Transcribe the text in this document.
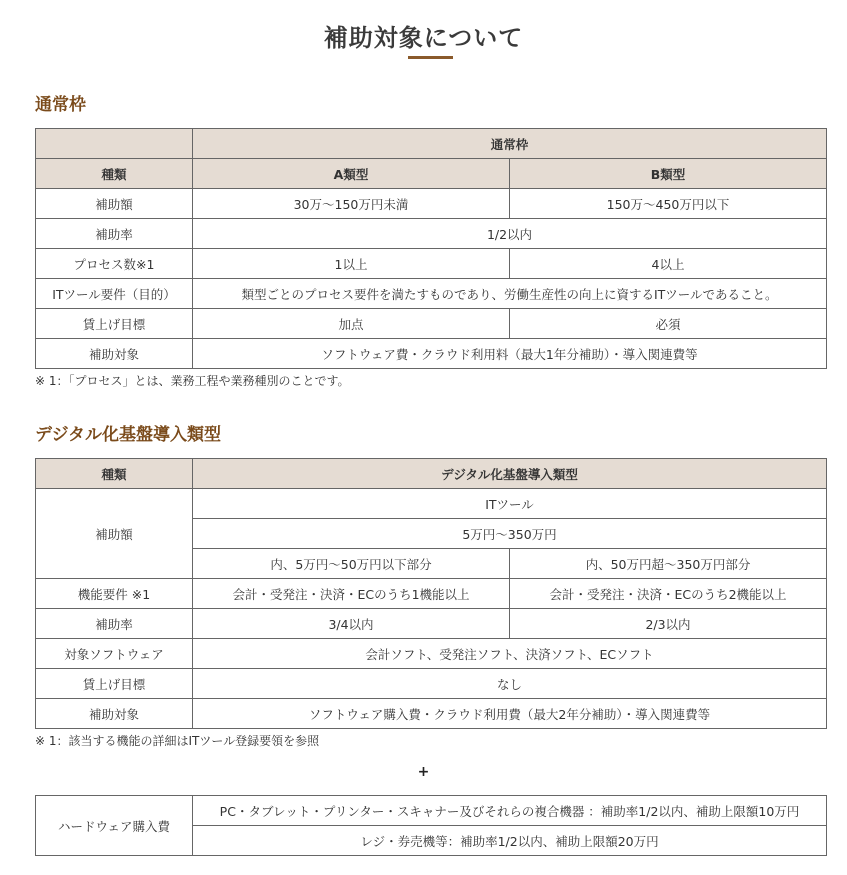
補助対象について
通常枠
	通常枠	
種類	A類型	B類型
補助額	30万～150万円未満	150万～450万円以下
補助率	1/2以内	
プロセス数※1	1以上	4以上
ITツール要件（目的）	類型ごとのプロセス要件を満たすものであり、労働生産性の向上に資するITツールであること。	
賃上げ目標	加点	必須
補助対象	ソフトウェア費・クラウド利用料（最大1年分補助）・導入関連費等	
※ 1：「プロセス」とは、業務工程や業務種別のことです。
デジタル化基盤導入類型
種類	デジタル化基盤導入類型	
補助額	ITツール	
	5万円～350万円	
	内、5万円～50万円以下部分	内、50万円超～350万円部分
機能要件 ※1	会計・受発注・決済・ECのうち1機能以上	会計・受発注・決済・ECのうち2機能以上
補助率	3/4以内	2/3以内
対象ソフトウェア	会計ソフト、受発注ソフト、決済ソフト、ECソフト	
賃上げ目標	なし	
補助対象	ソフトウェア購入費・クラウド利用費（最大2年分補助）・導入関連費等	
※ 1：該当する機能の詳細はITツール登録要領を参照
+
ハードウェア購入費	PC・タブレット・プリンター・スキャナー及びそれらの複合機器 ：補助率1/2以内、補助上限額10万円
レジ・券売機等：補助率1/2以内、補助上限額20万円
